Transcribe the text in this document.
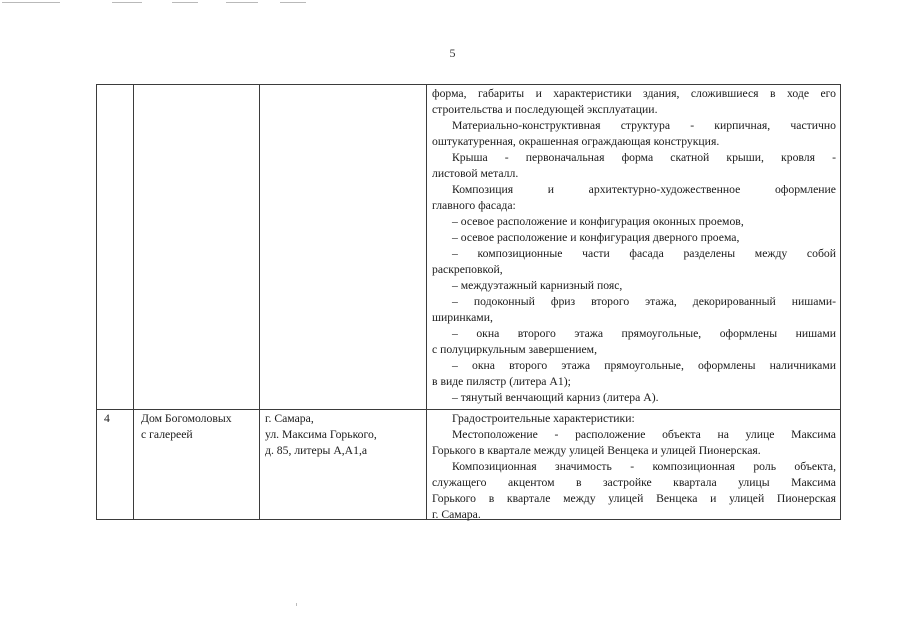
5

форма, габариты и характеристики здания, сложившиеся в ходе его

строительства и последующей эксплуатации.

Материально-конструктивная структура - кирпичная, частично

оштукатуренная, окрашенная ограждающая конструкция.

Крыша - первоначальная форма скатной крыши, кровля -

листовой металл.

Композиция и архитектурно-художественное оформление

главного фасада:

– осевое расположение и конфигурация оконных проемов,

– осевое расположение и конфигурация дверного проема,

– композиционные части фасада разделены между собой

раскреповкой,

– междуэтажный карнизный пояс,

– подоконный фриз второго этажа, декорированный нишами-

ширинками,

– окна второго этажа прямоугольные, оформлены нишами

с полуциркульным завершением,

– окна второго этажа прямоугольные, оформлены наличниками

в виде пилястр (литера А1);

– тянутый венчающий карниз (литера А).

4	Дом Богомоловых

с галереей

г. Самара,

ул. Максима Горького,

д. 85, литеры А,А1,а

Градостроительные характеристики:

Местоположение - расположение объекта на улице Максима

Горького в квартале между улицей Венцека и улицей Пионерская.

Композиционная значимость - композиционная роль объекта,

служащего акцентом в застройке квартала улицы Максима

Горького в квартале между улицей Венцека и улицей Пионерская

г. Самара.
